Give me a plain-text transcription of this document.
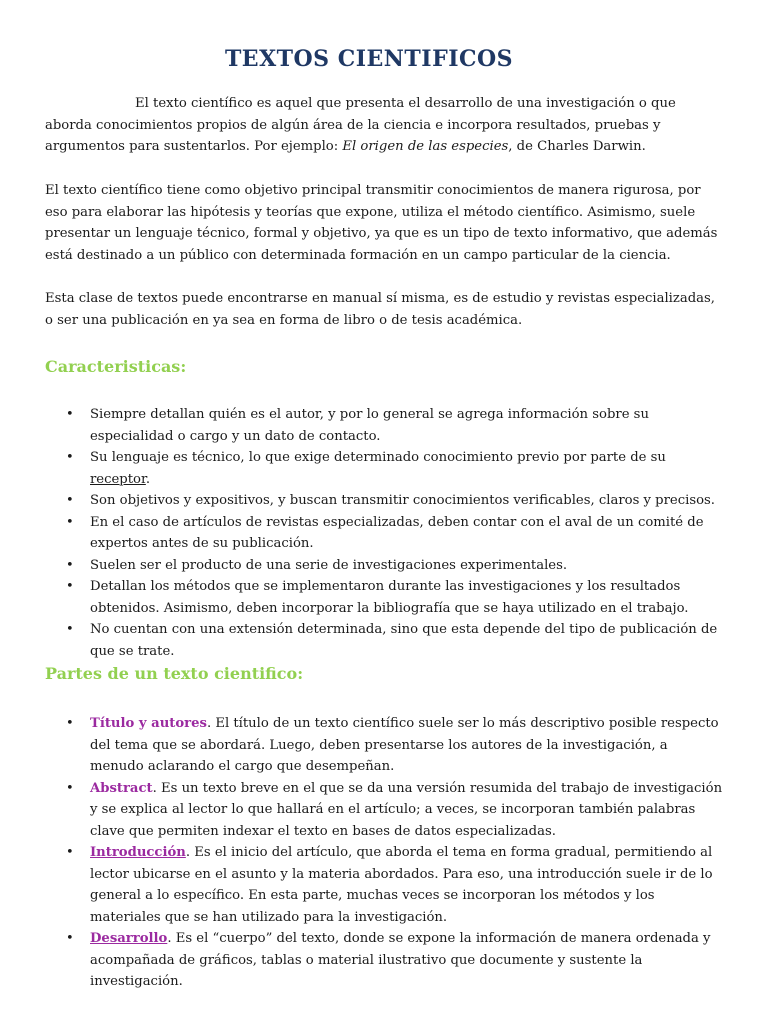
TEXTOS CIENTIFICOS

El texto científico es aquel que presenta el desarrollo de una investigación o que aborda conocimientos propios de algún área de la ciencia e incorpora resultados, pruebas y argumentos para sustentarlos. Por ejemplo: El origen de las especies, de Charles Darwin.

El texto científico tiene como objetivo principal transmitir conocimientos de manera rigurosa, por eso para elaborar las hipótesis y teorías que expone, utiliza el método científico. Asimismo, suele presentar un lenguaje técnico, formal y objetivo, ya que es un tipo de texto informativo, que además está destinado a un público con determinada formación en un campo particular de la ciencia.

Esta clase de textos puede encontrarse en manual sí misma, es de estudio y revistas especializadas, o ser una publicación en ya sea en forma de libro o de tesis académica.

Caracteristicas:
• Siempre detallan quién es el autor, y por lo general se agrega información sobre su especialidad o cargo y un dato de contacto.
• Su lenguaje es técnico, lo que exige determinado conocimiento previo por parte de su receptor.
• Son objetivos y expositivos, y buscan transmitir conocimientos verificables, claros y precisos.
• En el caso de artículos de revistas especializadas, deben contar con el aval de un comité de expertos antes de su publicación.
• Suelen ser el producto de una serie de investigaciones experimentales.
• Detallan los métodos que se implementaron durante las investigaciones y los resultados obtenidos. Asimismo, deben incorporar la bibliografía que se haya utilizado en el trabajo.
• No cuentan con una extensión determinada, sino que esta depende del tipo de publicación de que se trate.
Partes de un texto cientifico:
• Título y autores. El título de un texto científico suele ser lo más descriptivo posible respecto del tema que se abordará. Luego, deben presentarse los autores de la investigación, a menudo aclarando el cargo que desempeñan.
• Abstract. Es un texto breve en el que se da una versión resumida del trabajo de investigación y se explica al lector lo que hallará en el artículo; a veces, se incorporan también palabras clave que permiten indexar el texto en bases de datos especializadas.
• Introducción. Es el inicio del artículo, que aborda el tema en forma gradual, permitiendo al lector ubicarse en el asunto y la materia abordados. Para eso, una introducción suele ir de lo general a lo específico. En esta parte, muchas veces se incorporan los métodos y los materiales que se han utilizado para la investigación.
• Desarrollo. Es el “cuerpo” del texto, donde se expone la información de manera ordenada y acompañada de gráficos, tablas o material ilustrativo que documente y sustente la investigación.
